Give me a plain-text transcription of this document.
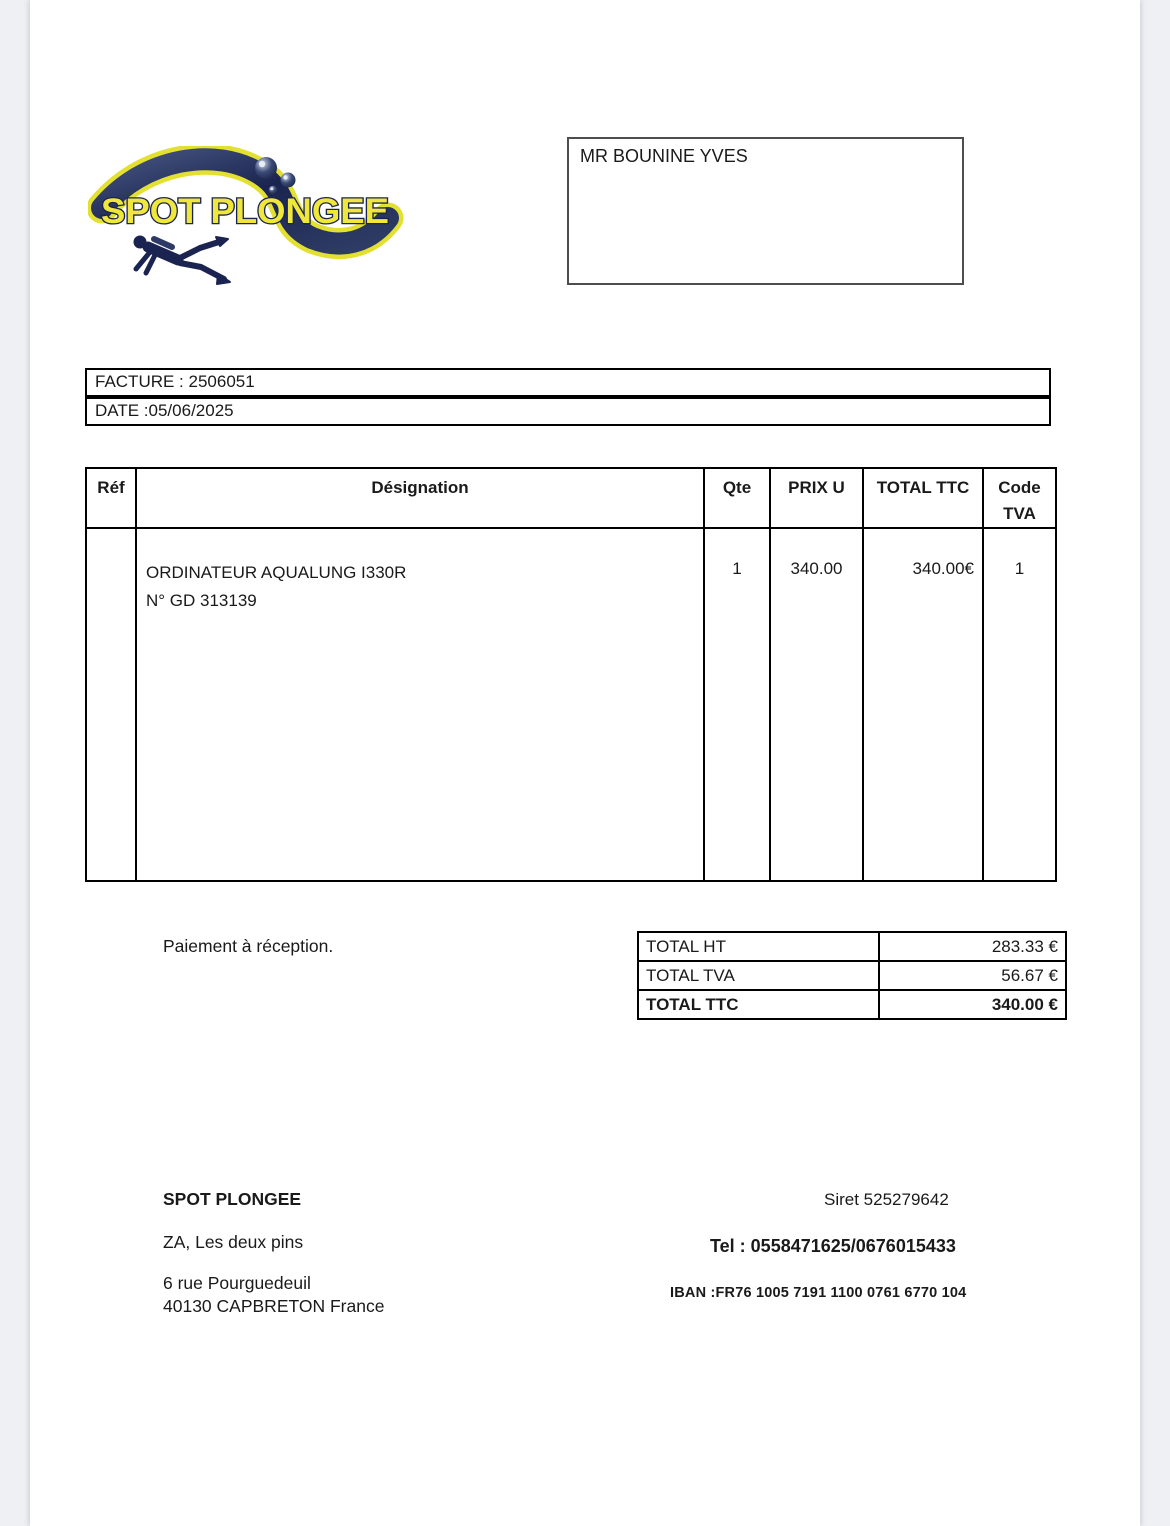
SPOT PLONGEE
MR BOUNINE YVES
FACTURE : 2506051
DATE :05/06/2025
Réf	Désignation	Qte	PRIX U	TOTAL TTC	Code TVA

	ORDINATEUR AQUALUNG I330R
N° GD 313139	1	340.00	340.00€	1
Paiement à réception.	TOTAL HT	283.33 €
TOTAL TVA	56.67 €
TOTAL TTC	340.00 €
SPOT PLONGEE	Siret 525279642
ZA, Les deux pins	Tel : 0558471625/0676015433
6 rue Pourguedeuil	IBAN :FR76 1005 7191 1100 0761 6770 104
40130 CAPBRETON France
